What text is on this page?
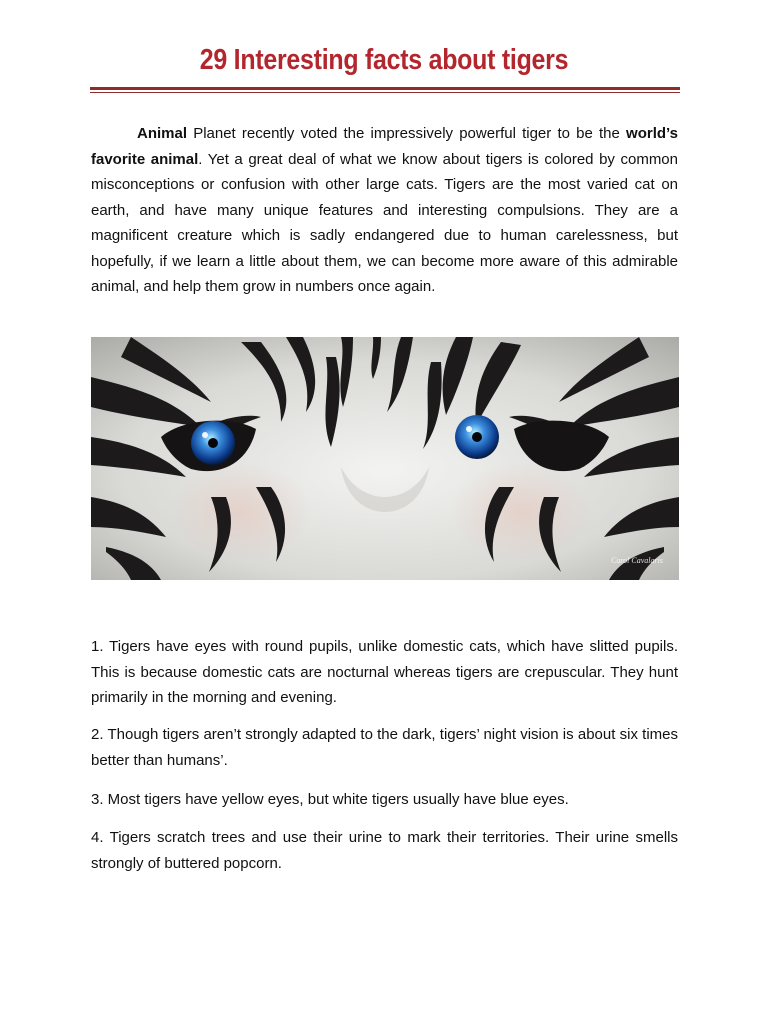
29 Interesting facts about tigers

Animal Planet recently voted the impressively powerful tiger to be the world’s favorite animal. Yet a great deal of what we know about tigers is colored by common misconceptions or confusion with other large cats. Tigers are the most varied cat on earth, and have many unique features and interesting compulsions. They are a magnificent creature which is sadly endangered due to human carelessness, but hopefully, if we learn a little about them, we can become more aware of this admirable animal, and help them grow in numbers once again.

Carol Cavalaris

1. Tigers have eyes with round pupils, unlike domestic cats, which have slitted pupils. This is because domestic cats are nocturnal whereas tigers are crepuscular. They hunt primarily in the morning and evening.

2. Though tigers aren’t strongly adapted to the dark, tigers’ night vision is about six times better than humans’.

3. Most tigers have yellow eyes, but white tigers usually have blue eyes.

4. Tigers scratch trees and use their urine to mark their territories. Their urine smells strongly of buttered popcorn.
